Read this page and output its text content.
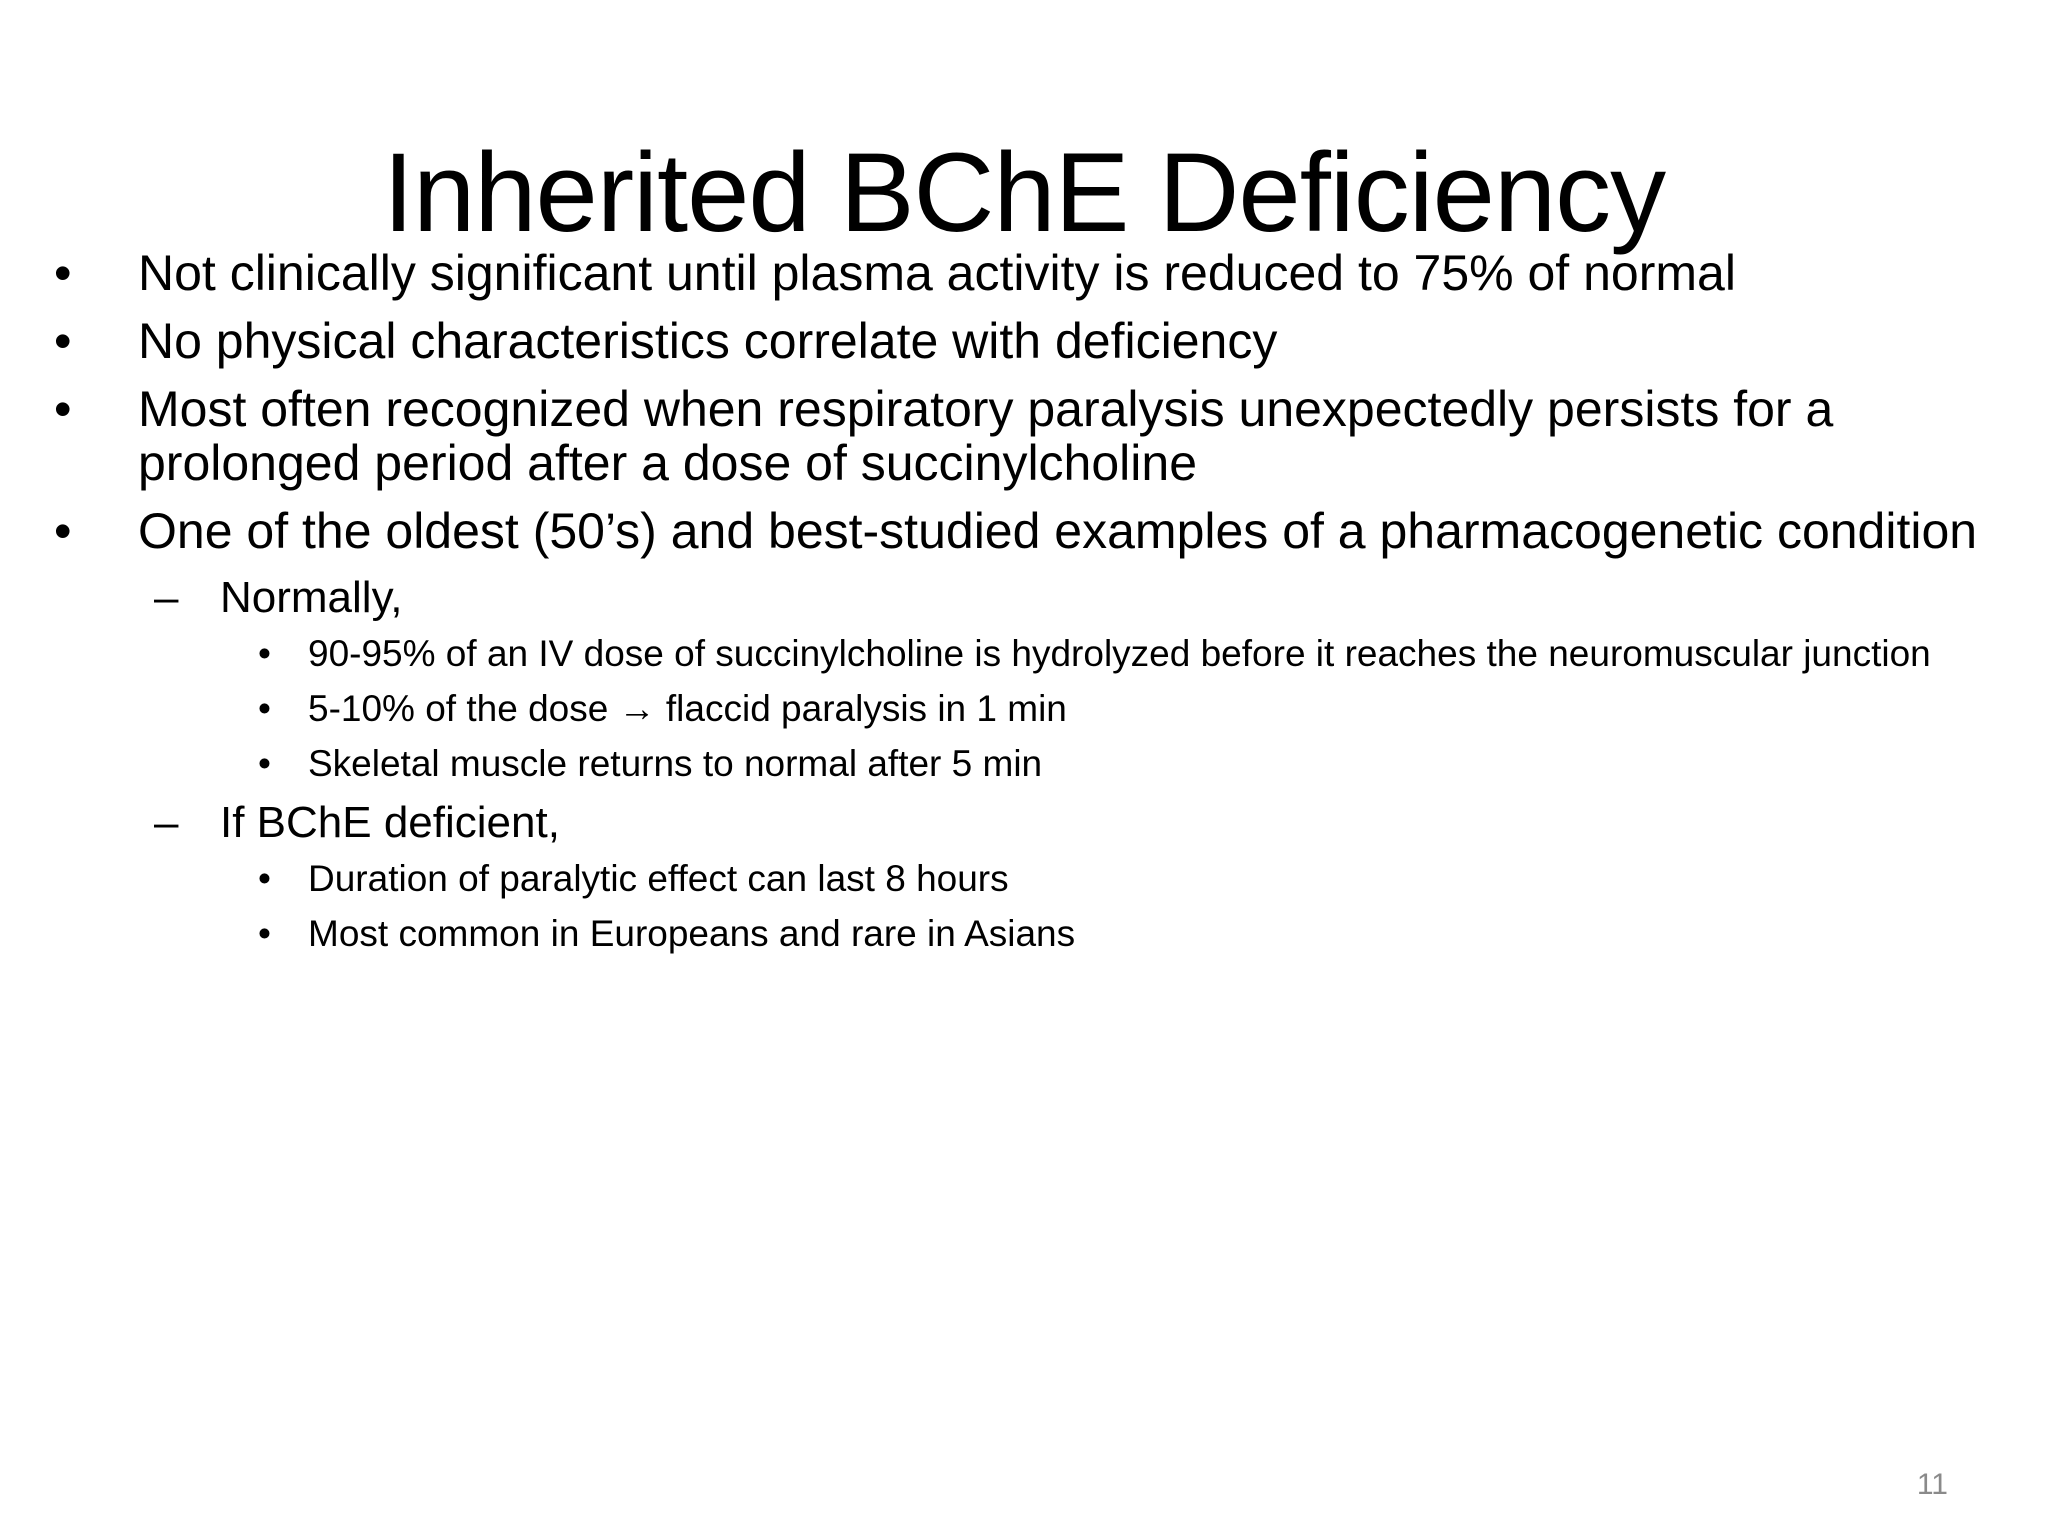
Inherited BChE Deficiency
•	Not clinically significant until plasma activity is reduced to 75% of normal
•	No physical characteristics correlate with deficiency
•	Most often recognized when respiratory paralysis unexpectedly persists for a prolonged period after a dose of succinylcholine
•	One of the oldest (50’s) and best-studied examples of a pharmacogenetic condition
– Normally,
•	90-95% of an IV dose of succinylcholine is hydrolyzed before it reaches the neuromuscular junction
•	5-10% of the dose → flaccid paralysis in 1 min
•	Skeletal muscle returns to normal after 5 min
– If BChE deficient,
•	Duration of paralytic effect can last 8 hours
•	Most common in Europeans and rare in Asians
11
